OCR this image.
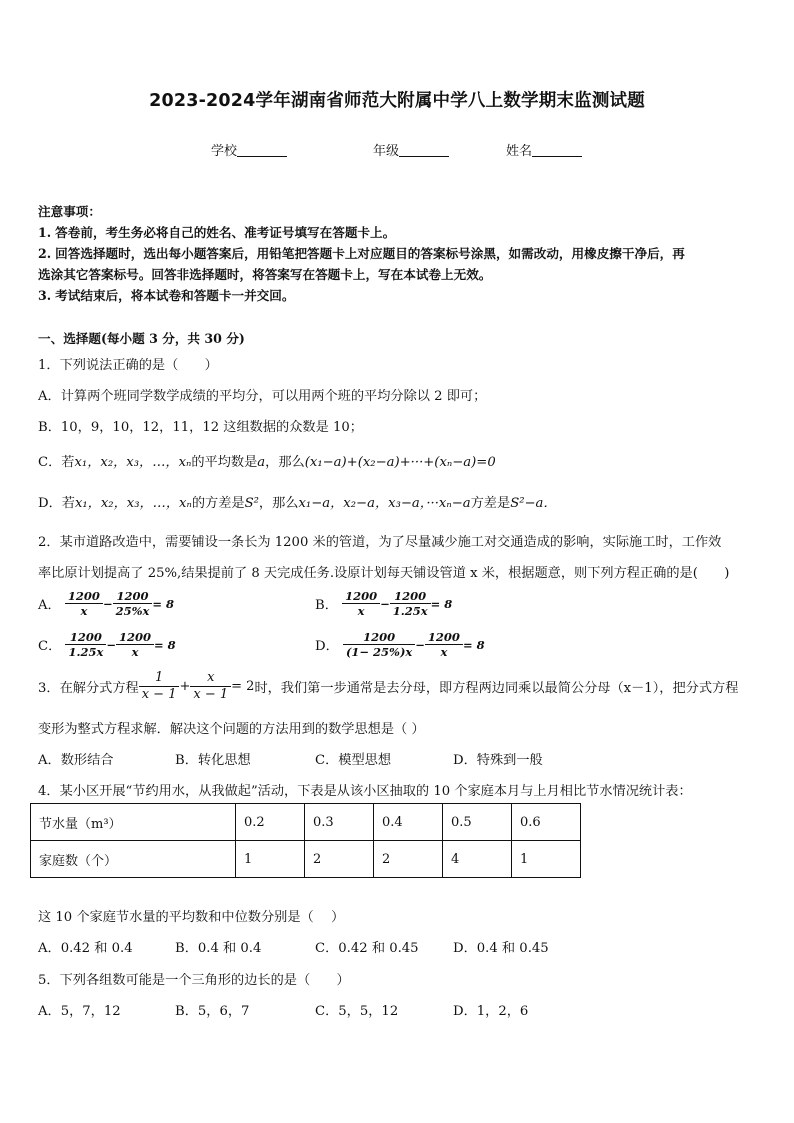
2023-2024学年湖南省师范大附属中学八上数学期末监测试题
学校	年级	姓名
注意事项：
1. 答卷前，考生务必将自己的姓名、准考证号填写在答题卡上。
2. 回答选择题时，选出每小题答案后，用铅笔把答题卡上对应题目的答案标号涂黑，如需改动，用橡皮擦干净后，再
选涂其它答案标号。回答非选择题时，将答案写在答题卡上，写在本试卷上无效。
3. 考试结束后，将本试卷和答题卡一并交回。
一、选择题(每小题 3 分，共 30 分)
1．下列说法正确的是（　　）
A．计算两个班同学数学成绩的平均分，可以用两个班的平均分除以 2 即可；
B．10，9，10，12，11，12 这组数据的众数是 10；
C．若x₁，x₂，x₃，…，xₙ的平均数是a，那么(x₁−a)+(x₂−a)+···+(xₙ−a)=0
D．若x₁，x₂，x₃，…，xₙ的方差是S²，那么x₁−a，x₂−a，x₃−a，···xₙ−a方差是S²−a．
2．某市道路改造中，需要铺设一条长为 1200 米的管道，为了尽量减少施工对交通造成的影响，实际施工时，工作效
率比原计划提高了 25%,结果提前了 8 天完成任务.设原计划每天铺设管道 x 米，根据题意，则下列方程正确的是(　　)
A． $\frac{1200}{x} - \frac{1200}{25\%x} = 8$	B． $\frac{1200}{x} - \frac{1200}{1.25x} = 8$
C． $\frac{1200}{1.25x} - \frac{1200}{x} = 8$	D． $\frac{1200}{(1- 25\%)x} - \frac{1200}{x} = 8$
3．在解分式方程 $\frac{1}{x - 1} + \frac{x}{x - 1} = 2$时，我们第一步通常是去分母，即方程两边同乘以最简公分母（x－1），把分式方程
变形为整式方程求解．解决这个问题的方法用到的数学思想是（ ）
A．数形结合	B．转化思想	C．模型思想	D．特殊到一般
4．某小区开展“节约用水，从我做起”活动，下表是从该小区抽取的 10 个家庭本月与上月相比节水情况统计表：
节水量（m³）	0.2	0.3	0.4	0.5	0.6
家庭数（个）	1	2	2	4	1
这 10 个家庭节水量的平均数和中位数分别是（　 ）
A．0.42 和 0.4	B．0.4 和 0.4	C．0.42 和 0.45	D．0.4 和 0.45
5．下列各组数可能是一个三角形的边长的是（　　）
A．5，7，12	B．5，6，7	C．5，5，12	D．1，2，6
